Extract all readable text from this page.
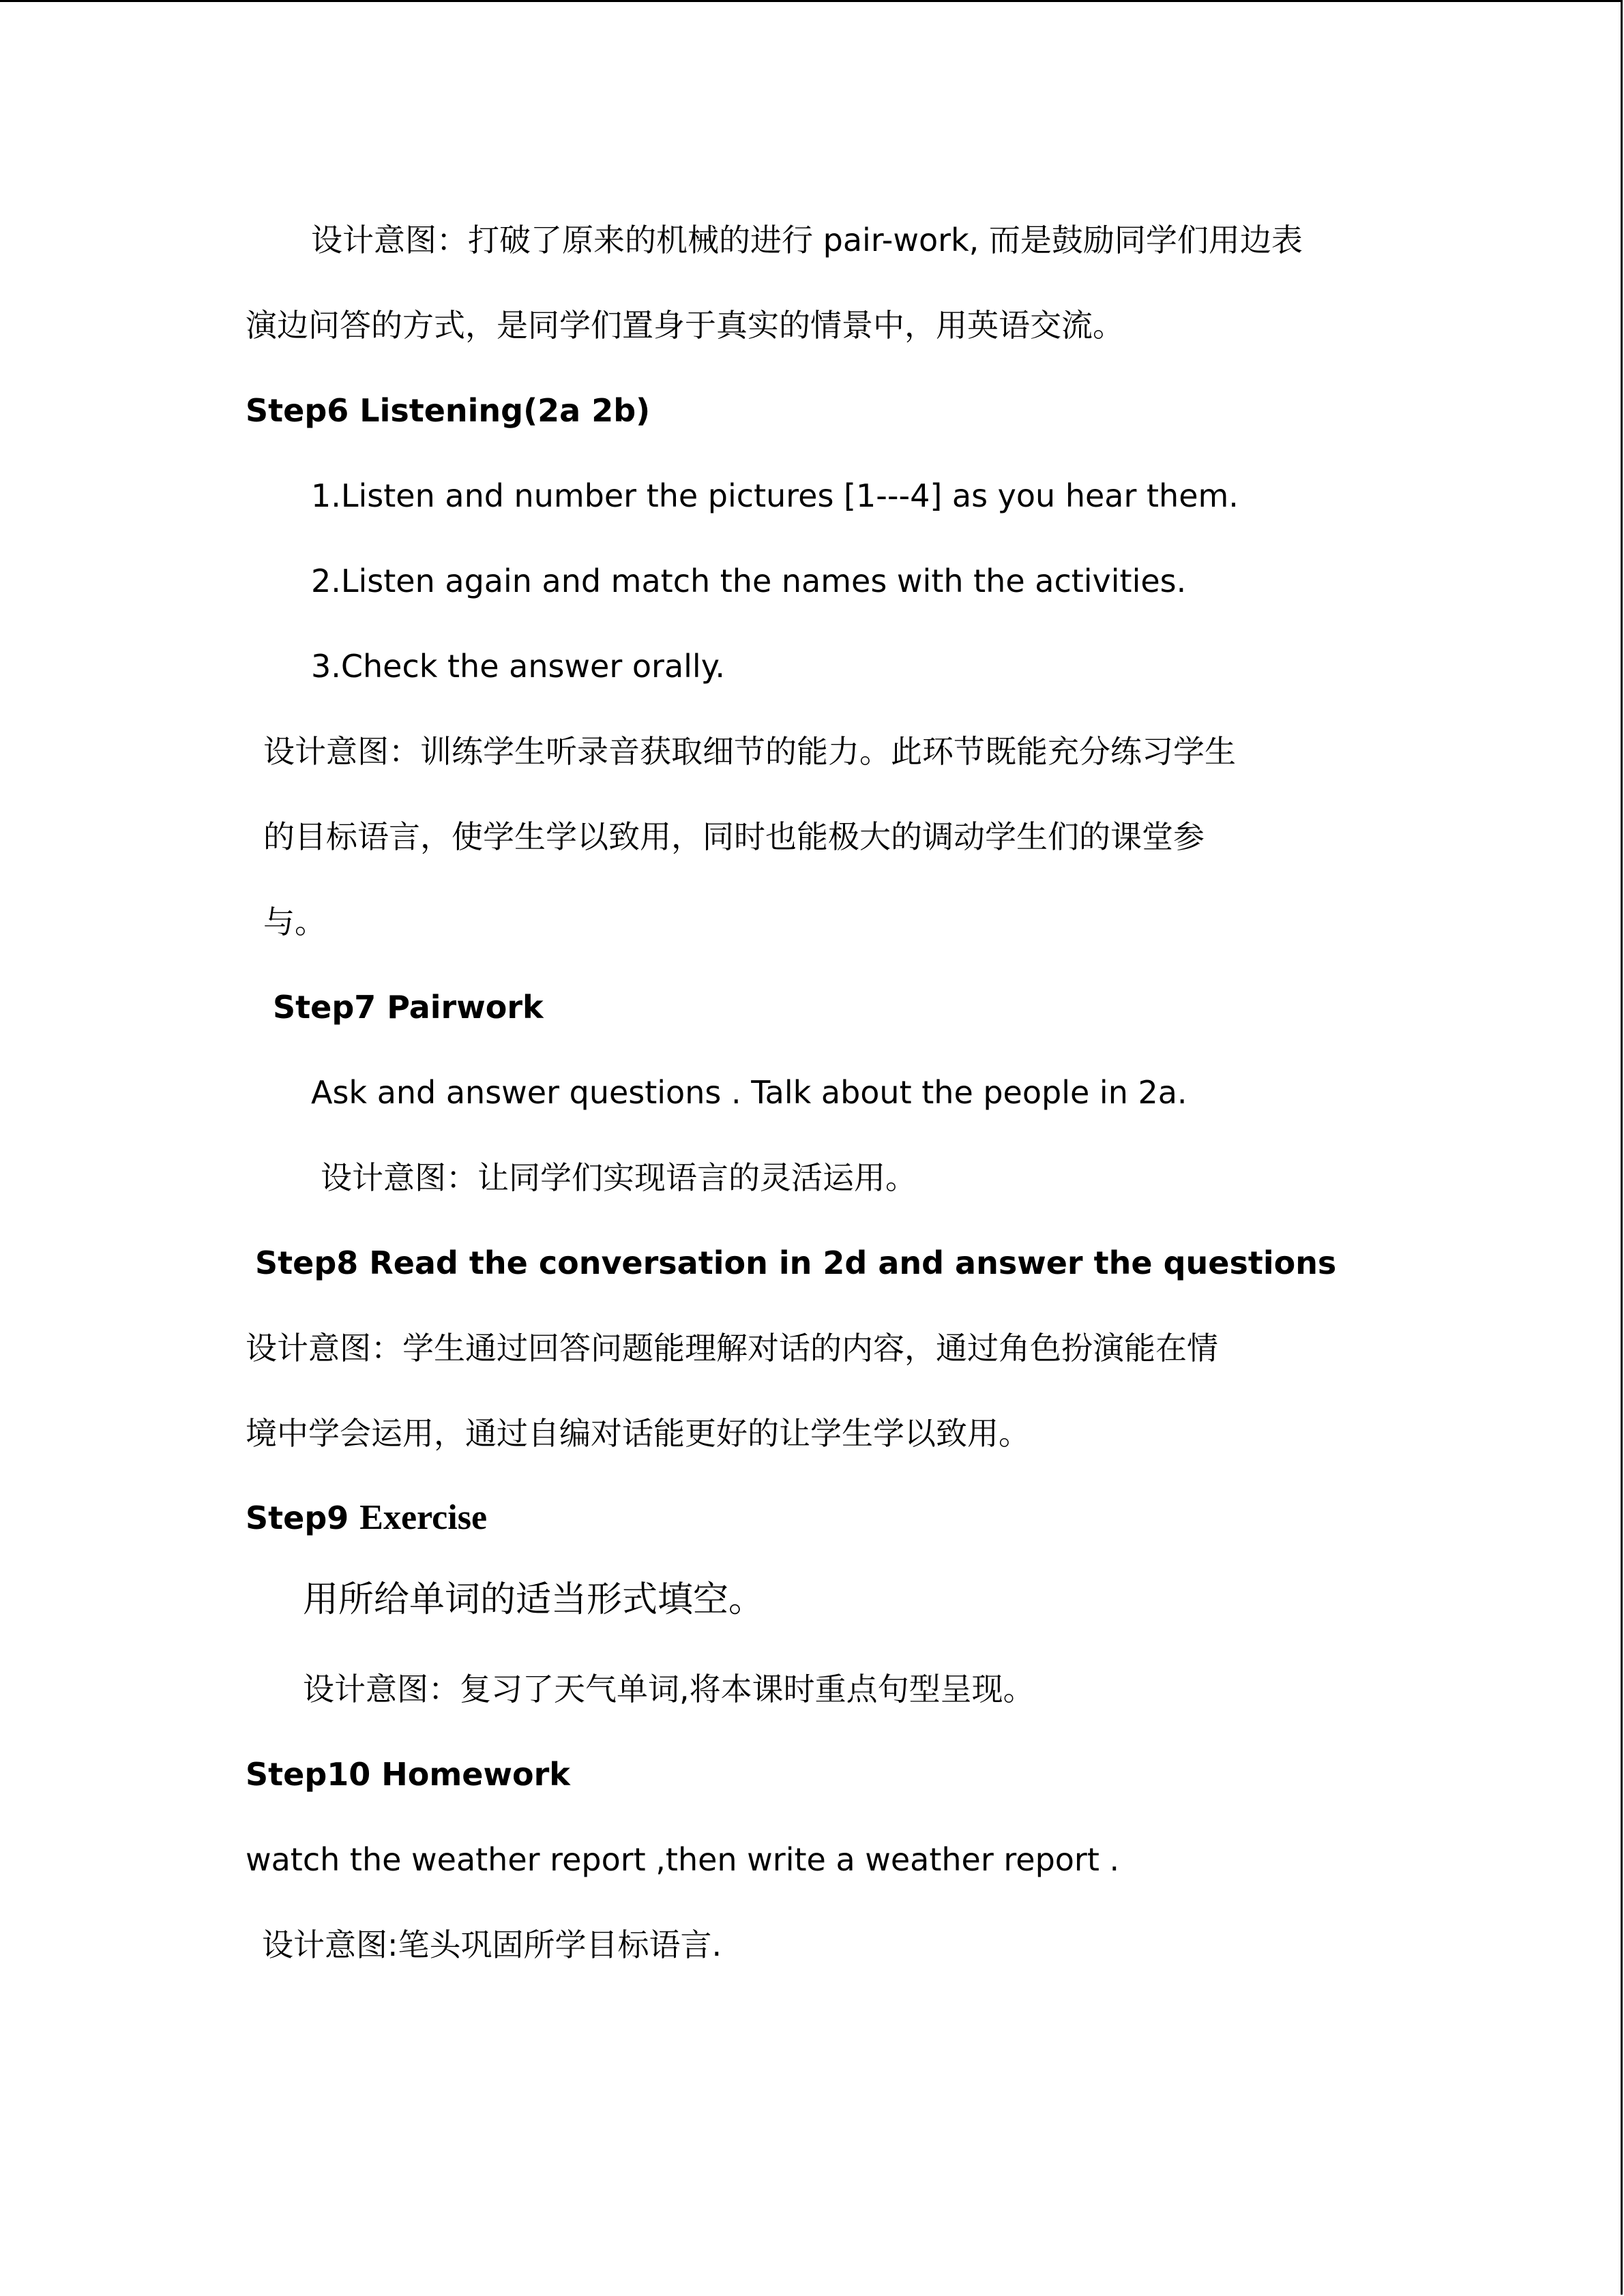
设计意图：打破了原来的机械的进行 pair-work, 而是鼓励同学们用边表
演边问答的方式，是同学们置身于真实的情景中，用英语交流。
Step6 Listening(2a 2b)
1.Listen and number the pictures [1---4] as you hear them.
2.Listen again and match the names with the activities.
3.Check the answer orally.
设计意图：训练学生听录音获取细节的能力。此环节既能充分练习学生
的目标语言，使学生学以致用，同时也能极大的调动学生们的课堂参
与。
Step7 Pairwork
Ask and answer questions . Talk about the people in 2a.
设计意图：让同学们实现语言的灵活运用。
Step8 Read the conversation in 2d and answer the questions
设计意图：学生通过回答问题能理解对话的内容，通过角色扮演能在情
境中学会运用，通过自编对话能更好的让学生学以致用。
Step9 Exercise
用所给单词的适当形式填空。
设计意图：复习了天气单词,将本课时重点句型呈现。
Step10 Homework
watch the weather report ,then write a weather report .
设计意图:笔头巩固所学目标语言.
